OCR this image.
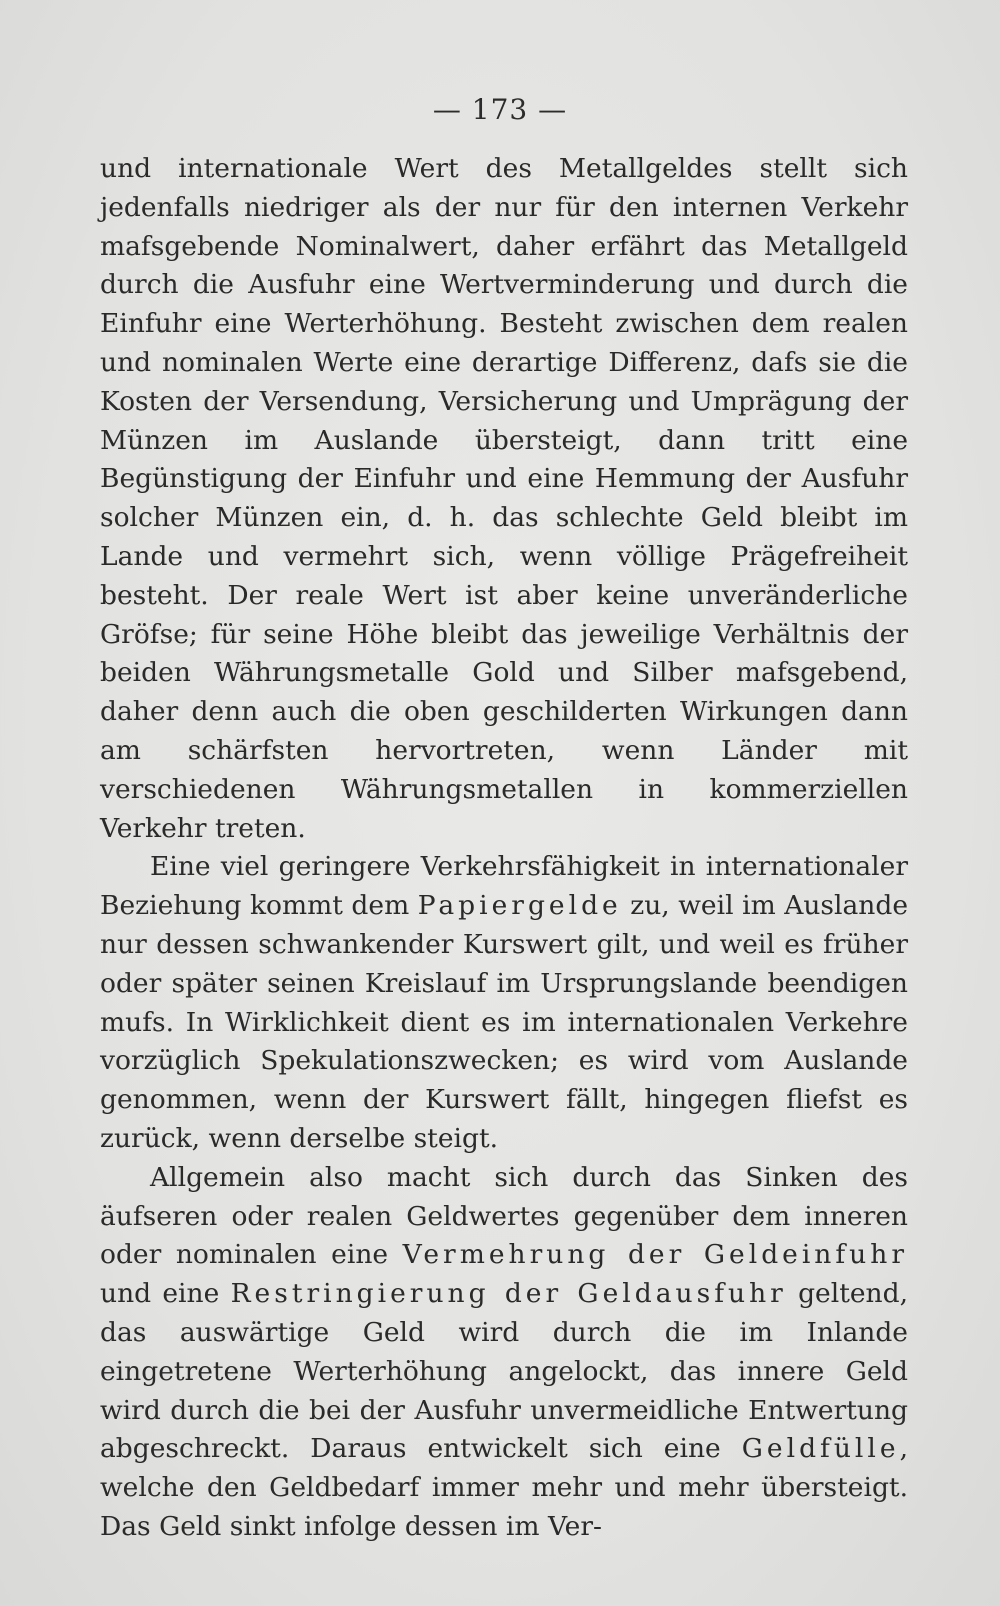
— 173 —

und internationale Wert des Metallgeldes stellt sich jedenfalls niedriger als der nur für den internen Verkehr mafsgebende Nominalwert, daher erfährt das Metallgeld durch die Ausfuhr eine Wertverminderung und durch die Einfuhr eine Werterhöhung. Besteht zwischen dem realen und nominalen Werte eine derartige Differenz, dafs sie die Kosten der Versendung, Versicherung und Umprägung der Münzen im Auslande übersteigt, dann tritt eine Begünstigung der Einfuhr und eine Hemmung der Ausfuhr solcher Münzen ein, d. h. das schlechte Geld bleibt im Lande und vermehrt sich, wenn völlige Prägefreiheit besteht. Der reale Wert ist aber keine unveränderliche Gröfse; für seine Höhe bleibt das jeweilige Verhältnis der beiden Währungsmetalle Gold und Silber mafsgebend, daher denn auch die oben geschilderten Wirkungen dann am schärfsten hervortreten, wenn Länder mit verschiedenen Währungsmetallen in kommerziellen Verkehr treten.

Eine viel geringere Verkehrsfähigkeit in internationaler Beziehung kommt dem Papiergelde zu, weil im Auslande nur dessen schwankender Kurswert gilt, und weil es früher oder später seinen Kreislauf im Ursprungslande beendigen mufs. In Wirklichkeit dient es im internationalen Verkehre vorzüglich Spekulationszwecken; es wird vom Auslande genommen, wenn der Kurswert fällt, hingegen fliefst es zurück, wenn derselbe steigt.

Allgemein also macht sich durch das Sinken des äufseren oder realen Geldwertes gegenüber dem inneren oder nominalen eine Vermehrung der Geldeinfuhr und eine Restringierung der Geldausfuhr geltend, das auswärtige Geld wird durch die im Inlande eingetretene Werterhöhung angelockt, das innere Geld wird durch die bei der Ausfuhr unvermeidliche Entwertung abgeschreckt. Daraus entwickelt sich eine Geldfülle, welche den Geldbedarf immer mehr und mehr übersteigt. Das Geld sinkt infolge dessen im Ver-
